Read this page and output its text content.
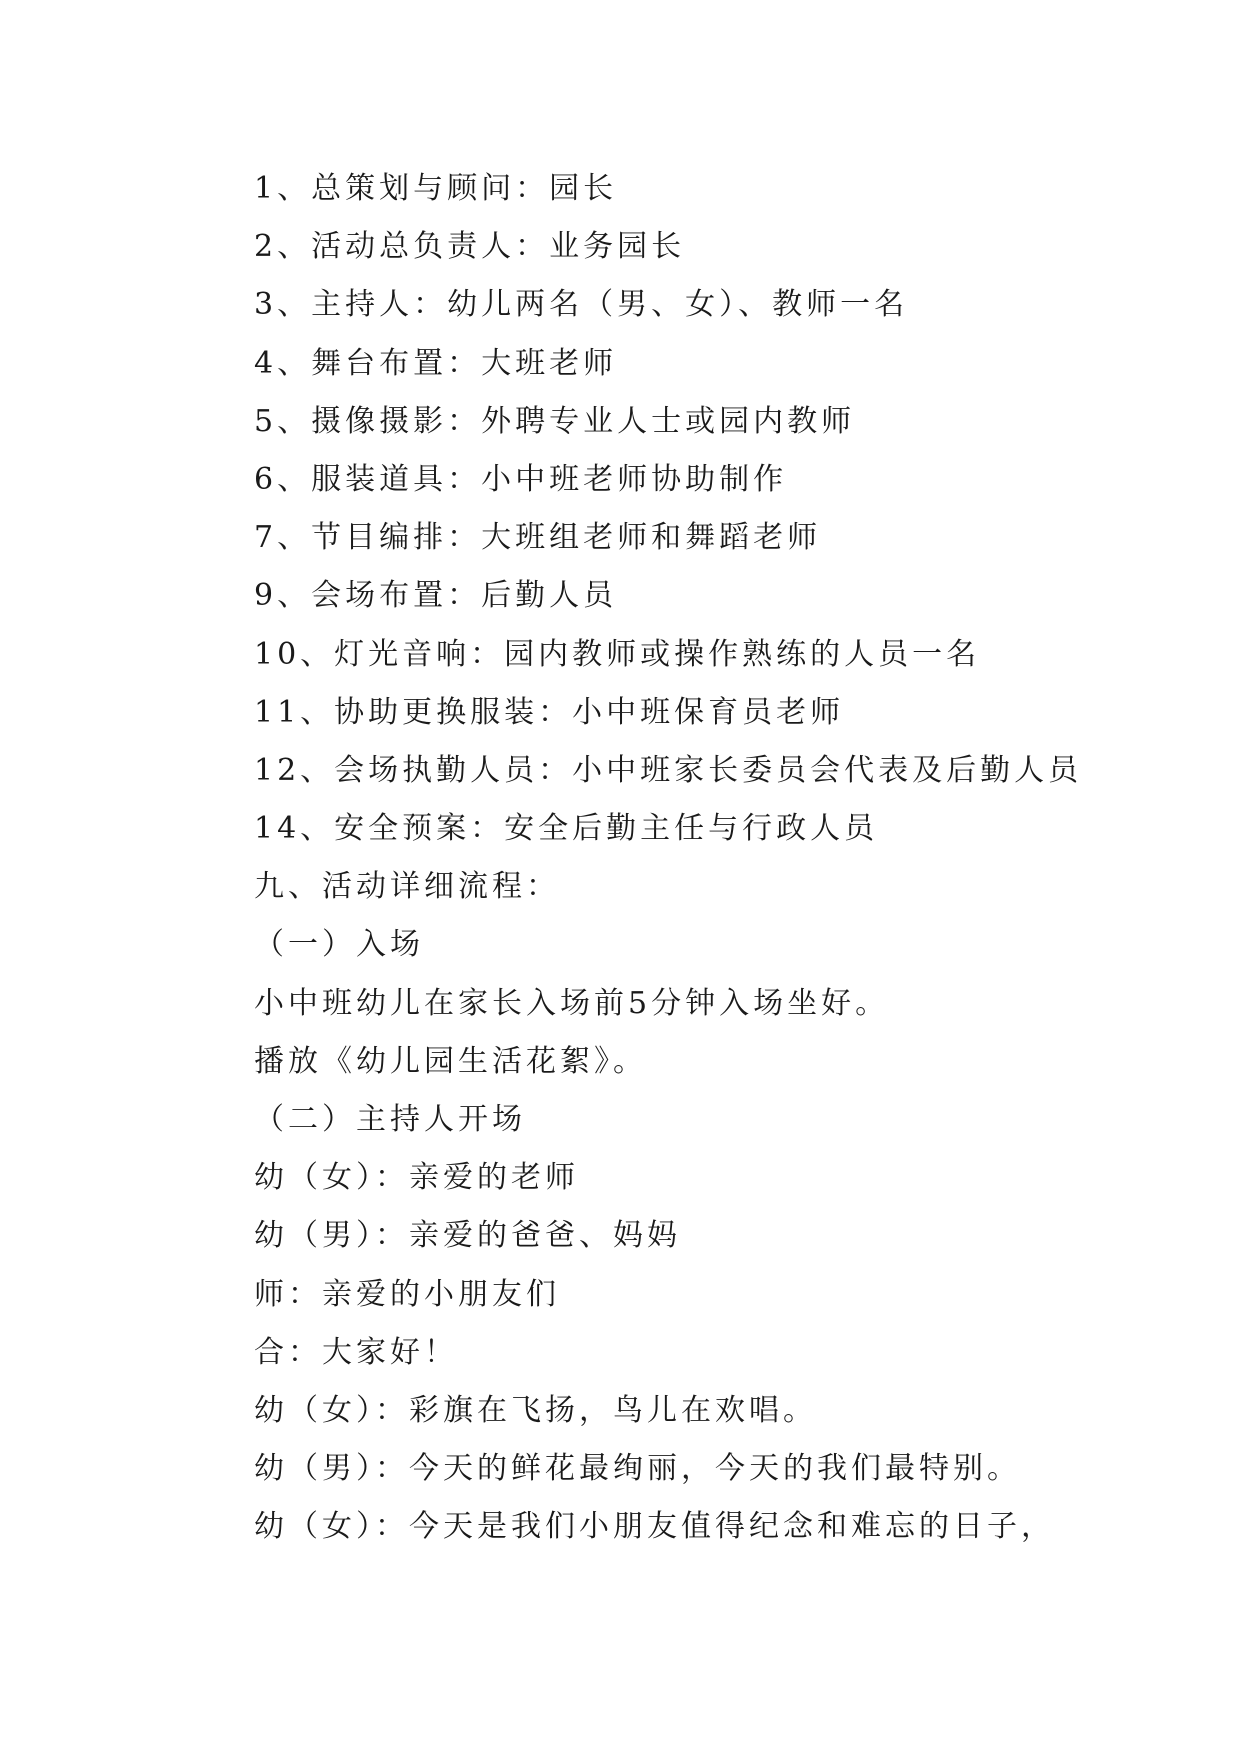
1、总策划与顾问：园长
2、活动总负责人：业务园长
3、主持人：幼儿两名（男、女）、教师一名
4、舞台布置：大班老师
5、摄像摄影：外聘专业人士或园内教师
6、服装道具：小中班老师协助制作
7、节目编排：大班组老师和舞蹈老师
9、会场布置：后勤人员
10、灯光音响：园内教师或操作熟练的人员一名
11、协助更换服装：小中班保育员老师
12、会场执勤人员：小中班家长委员会代表及后勤人员
14、安全预案：安全后勤主任与行政人员
九、活动详细流程：
（一）入场
小中班幼儿在家长入场前5分钟入场坐好。
播放《幼儿园生活花絮》。
（二）主持人开场
幼（女）：亲爱的老师
幼（男）：亲爱的爸爸、妈妈
师：亲爱的小朋友们
合：大家好！
幼（女）：彩旗在飞扬，鸟儿在欢唱。
幼（男）：今天的鲜花最绚丽，今天的我们最特别。
幼（女）：今天是我们小朋友值得纪念和难忘的日子，
